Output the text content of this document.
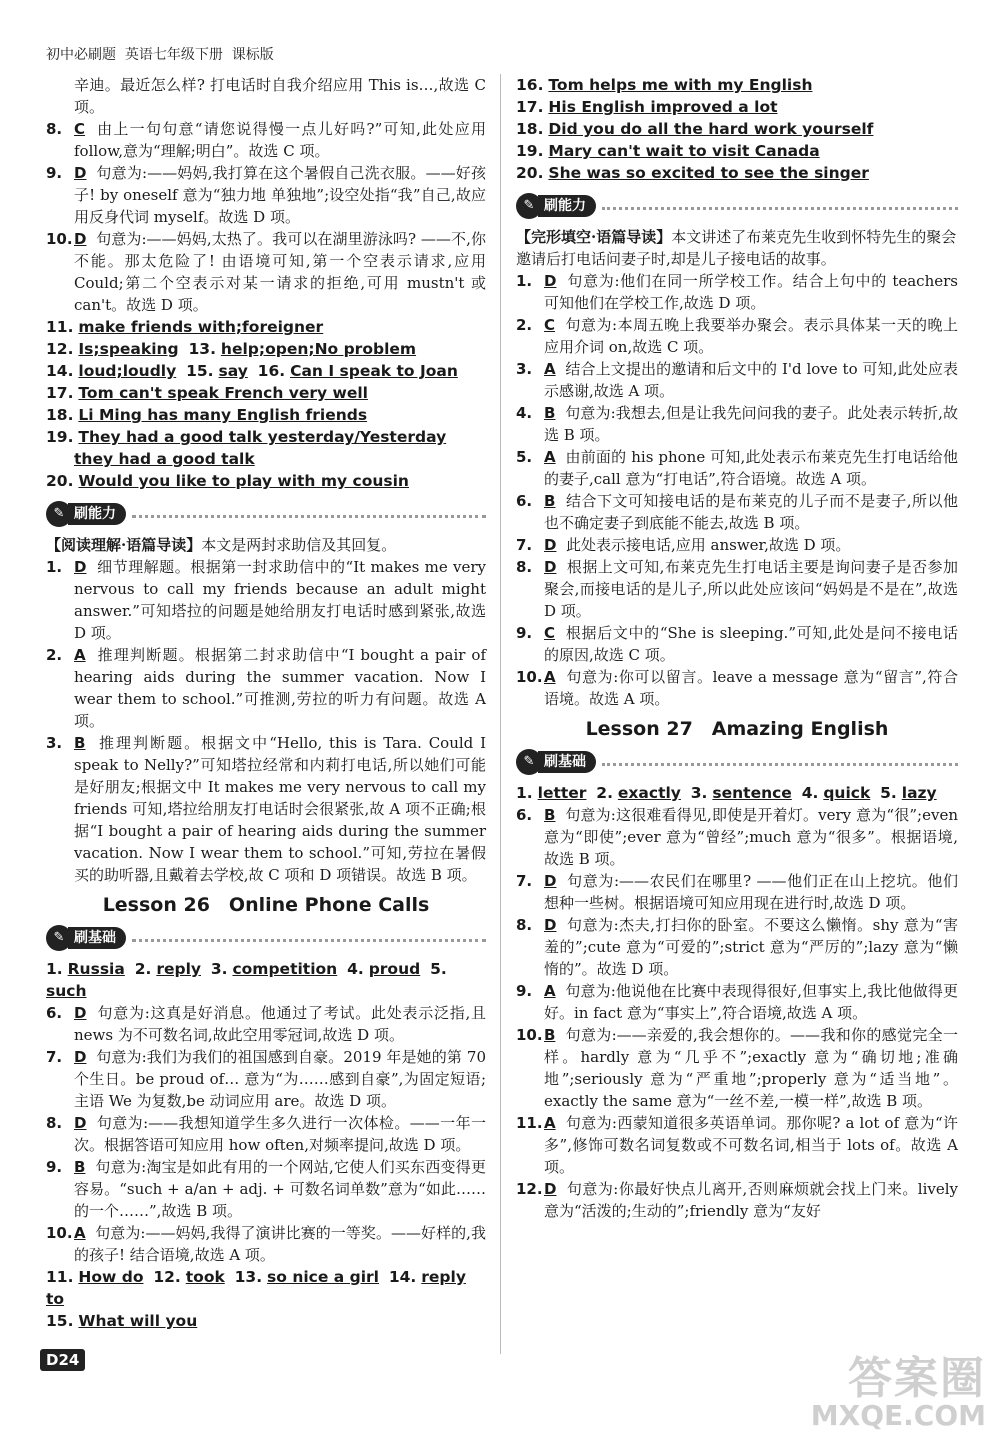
初中必刷题  英语七年级下册  课标版

辛迪。最近怎么样? 打电话时自我介绍应用 This is…,故选 C 项。

8. C 由上一句句意“请您说得慢一点儿好吗?”可知,此处应用 follow,意为“理解;明白”。故选 C 项。

9. D 句意为:——妈妈,我打算在这个暑假自己洗衣服。——好孩子! by oneself 意为“独力地 单独地”;设空处指“我”自己,故应用反身代词 myself。故选 D 项。

10. D 句意为:——妈妈,太热了。我可以在湖里游泳吗? ——不,你不能。那太危险了! 由语境可知,第一个空表示请求,应用 Could;第二个空表示对某一请求的拒绝,可用 mustn't 或 can't。故选 D 项。

11. make friends with;foreigner

12. Is;speaking 13. help;open;No problem

14. loud;loudly 15. say 16. Can I speak to Joan

17. Tom can't speak French very well

18. Li Ming has many English friends

19. They had a good talk yesterday/Yesterday they had a good talk

20. Would you like to play with my cousin

✎ 刷能力

【阅读理解·语篇导读】本文是两封求助信及其回复。

1. D 细节理解题。根据第一封求助信中的“It makes me very nervous to call my friends because an adult might answer.”可知塔拉的问题是她给朋友打电话时感到紧张,故选 D 项。

2. A 推理判断题。根据第二封求助信中“I bought a pair of hearing aids during the summer vacation. Now I wear them to school.”可推测,劳拉的听力有问题。故选 A 项。

3. B 推理判断题。根据文中“Hello, this is Tara. Could I speak to Nelly?”可知塔拉经常和内莉打电话,所以她们可能是好朋友;根据文中 It makes me very nervous to call my friends 可知,塔拉给朋友打电话时会很紧张,故 A 项不正确;根据“I bought a pair of hearing aids during the summer vacation. Now I wear them to school.”可知,劳拉在暑假买的助听器,且戴着去学校,故 C 项和 D 项错误。故选 B 项。

Lesson 26　Online Phone Calls
✎ 刷基础

1. Russia 2. reply 3. competition 4. proud 5. such

6. D 句意为:这真是好消息。他通过了考试。此处表示泛指,且 news 为不可数名词,故此空用零冠词,故选 D 项。

7. D 句意为:我们为我们的祖国感到自豪。2019 年是她的第 70 个生日。be proud of… 意为“为……感到自豪”,为固定短语;主语 We 为复数,be 动词应用 are。故选 D 项。

8. D 句意为:——我想知道学生多久进行一次体检。——一年一次。根据答语可知应用 how often,对频率提问,故选 D 项。

9. B 句意为:淘宝是如此有用的一个网站,它使人们买东西变得更容易。“such + a/an + adj. + 可数名词单数”意为“如此……的一个……”,故选 B 项。

10. A 句意为:——妈妈,我得了演讲比赛的一等奖。——好样的,我的孩子! 结合语境,故选 A 项。

11. How do 12. took 13. so nice a girl 14. reply to

15. What will you

16. Tom helps me with my English

17. His English improved a lot

18. Did you do all the hard work yourself

19. Mary can't wait to visit Canada

20. She was so excited to see the singer

✎ 刷能力

【完形填空·语篇导读】本文讲述了布莱克先生收到怀特先生的聚会邀请后打电话问妻子时,却是儿子接电话的故事。

1. D 句意为:他们在同一所学校工作。结合上句中的 teachers 可知他们在学校工作,故选 D 项。

2. C 句意为:本周五晚上我要举办聚会。表示具体某一天的晚上应用介词 on,故选 C 项。

3. A 结合上文提出的邀请和后文中的 I'd love to 可知,此处应表示感谢,故选 A 项。

4. B 句意为:我想去,但是让我先问问我的妻子。此处表示转折,故选 B 项。

5. A 由前面的 his phone 可知,此处表示布莱克先生打电话给他的妻子,call 意为“打电话”,符合语境。故选 A 项。

6. B 结合下文可知接电话的是布莱克的儿子而不是妻子,所以他也不确定妻子到底能不能去,故选 B 项。

7. D 此处表示接电话,应用 answer,故选 D 项。

8. D 根据上文可知,布莱克先生打电话主要是询问妻子是否参加聚会,而接电话的是儿子,所以此处应该问“妈妈是不是在”,故选 D 项。

9. C 根据后文中的“She is sleeping.”可知,此处是问不接电话的原因,故选 C 项。

10. A 句意为:你可以留言。leave a message 意为“留言”,符合语境。故选 A 项。

Lesson 27　Amazing English
✎ 刷基础

1. letter 2. exactly 3. sentence 4. quick 5. lazy

6. B 句意为:这很难看得见,即使是开着灯。very 意为“很”;even 意为“即使”;ever 意为“曾经”;much 意为“很多”。根据语境,故选 B 项。

7. D 句意为:——农民们在哪里? ——他们正在山上挖坑。他们想种一些树。根据语境可知应用现在进行时,故选 D 项。

8. D 句意为:杰夫,打扫你的卧室。不要这么懒惰。shy 意为“害羞的”;cute 意为“可爱的”;strict 意为“严厉的”;lazy 意为“懒惰的”。故选 D 项。

9. A 句意为:他说他在比赛中表现得很好,但事实上,我比他做得更好。in fact 意为“事实上”,符合语境,故选 A 项。

10. B 句意为:——亲爱的,我会想你的。——我和你的感觉完全一样。hardly 意为“几乎不”;exactly 意为“确切地;准确地”;seriously 意为“严重地”;properly 意为“适当地”。exactly the same 意为“一丝不差,一模一样”,故选 B 项。

11. A 句意为:西蒙知道很多英语单词。那你呢? a lot of 意为“许多”,修饰可数名词复数或不可数名词,相当于 lots of。故选 A 项。

12. D 句意为:你最好快点儿离开,否则麻烦就会找上门来。lively 意为“活泼的;生动的”;friendly 意为“友好

D24	答案圈
MXQE.COM
